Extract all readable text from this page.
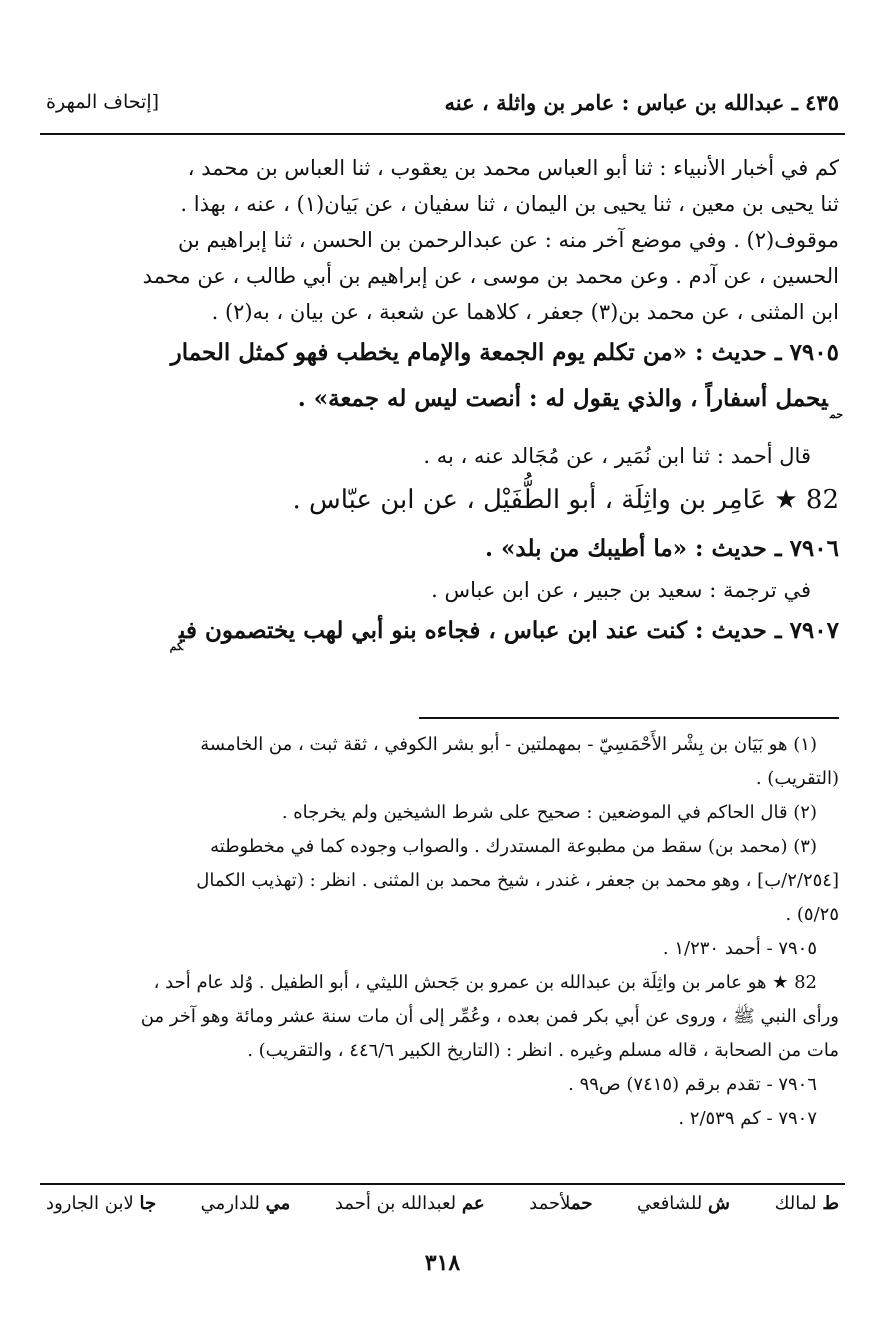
٤٣٥ ـ عبدالله بن عباس : عامر بن واثلة ، عنه
[إتحاف المهرة
كم في أخبار الأنبياء : ثنا أبو العباس محمد بن يعقوب ، ثنا العباس بن محمد ،
ثنا يحيى بن معين ، ثنا يحيى بن اليمان ، ثنا سفيان ، عن بَيان(١) ، عنه ، بهذا .
موقوف(٢) . وفي موضع آخر منه : عن عبدالرحمن بن الحسن ، ثنا إبراهيم بن
الحسين ، عن آدم . وعن محمد بن موسى ، عن إبراهيم بن أبي طالب ، عن محمد
ابن المثنى ، عن محمد بن(٣) جعفر ، كلاهما عن شعبة ، عن بيان ، به(٢) .
٧٩٠٥ ـ حديث : «من تكلم يوم الجمعة والإمام يخطب فهو كمثل الحمار
$_{حم}$يحمل أسفاراً ، والذي يقول له : أنصت ليس له جمعة» .
قال أحمد : ثنا ابن نُمَير ، عن مُجَالد عنه ، به .
82 ★ عَامِر بن واثِلَة ، أبو الطُّفَيْل ، عن ابن عبّاس .
٧٩٠٦ ـ حديث : «ما أطيبك من بلد» .
في ترجمة : سعيد بن جبير ، عن ابن عباس .
٧٩٠٧ ـ حديث : كنت عند ابن عباس ، فجاءه بنو أبي لهب يختصمون في$_{كم}$
(١) هو بَيَان بن بِشْر الأَحْمَسِيّ - بمهملتين - أبو بشر الكوفي ، ثقة ثبت ، من الخامسة
(التقريب) .
(٢) قال الحاكم في الموضعين : صحيح على شرط الشيخين ولم يخرجاه .
(٣) (محمد بن) سقط من مطبوعة المستدرك . والصواب وجوده كما في مخطوطته
[٢/٢٥٤/ب] ، وهو محمد بن جعفر ، غندر ، شيخ محمد بن المثنى . انظر : (تهذيب الكمال
٥/٢٥) .
٧٩٠٥ - أحمد ١/٢٣٠ .
82 ★ هو عامر بن واثِلَة بن عبدالله بن عمرو بن جَحش الليثي ، أبو الطفيل . وُلد عام أحد ،
ورأى النبي ﷺ ، وروى عن أبي بكر فمن بعده ، وعُمِّر إلى أن مات سنة عشر ومائة وهو آخر من
مات من الصحابة ، قاله مسلم وغيره . انظر : (التاريخ الكبير ٤٤٦/٦ ، والتقريب) .
٧٩٠٦ - تقدم برقم (٧٤١٥) ص٩٩ .
٧٩٠٧ - كم ٢/٥٣٩ .
ط لمالك
ش للشافعي
حملأحمد
عم لعبدالله بن أحمد
مي للدارمي
جا لابن الجارود
٣١٨
